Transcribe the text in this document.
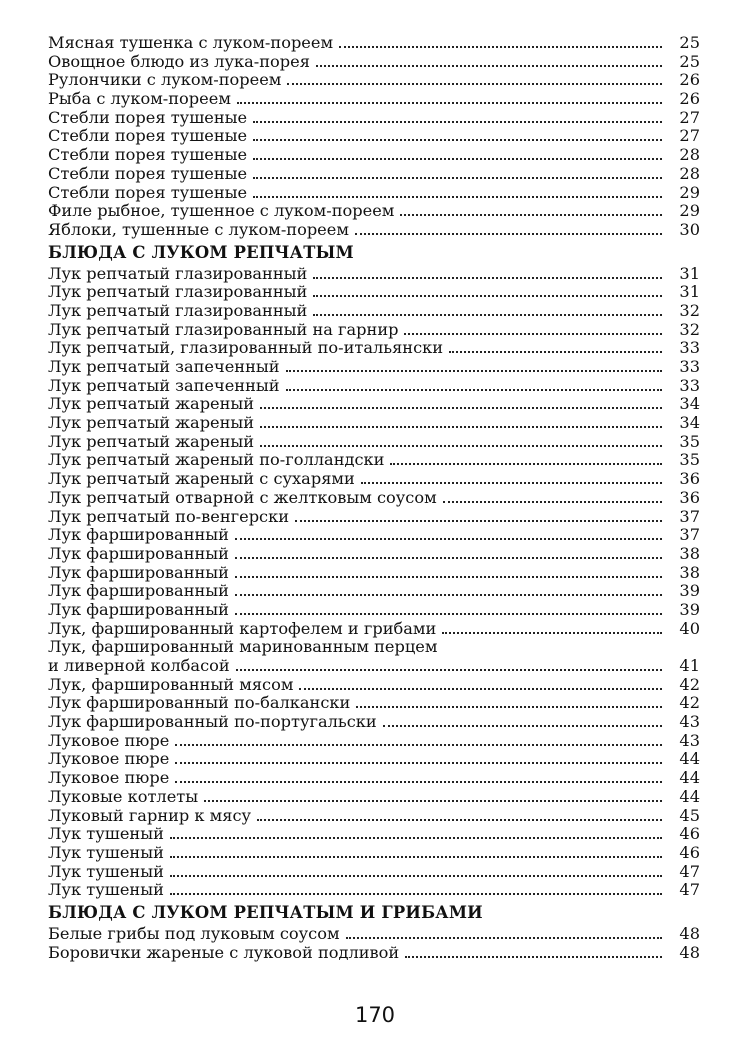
Мясная тушенка с луком-пореем	25
Овощное блюдо из лука-порея	25
Рулончики с луком-пореем	26
Рыба с луком-пореем	26
Стебли порея тушеные	27
Стебли порея тушеные	27
Стебли порея тушеные	28
Стебли порея тушеные	28
Стебли порея тушеные	29
Филе рыбное, тушенное с луком-пореем	29
Яблоки, тушенные с луком-пореем	30
БЛЮДА С ЛУКОМ РЕПЧАТЫМ
Лук репчатый глазированный	31
Лук репчатый глазированный	31
Лук репчатый глазированный	32
Лук репчатый глазированный на гарнир	32
Лук репчатый, глазированный по-итальянски	33
Лук репчатый запеченный	33
Лук репчатый запеченный	33
Лук репчатый жареный	34
Лук репчатый жареный	34
Лук репчатый жареный	35
Лук репчатый жареный по-голландски	35
Лук репчатый жареный с сухарями	36
Лук репчатый отварной с желтковым соусом	36
Лук репчатый по-венгерски	37
Лук фаршированный	37
Лук фаршированный	38
Лук фаршированный	38
Лук фаршированный	39
Лук фаршированный	39
Лук, фаршированный картофелем и грибами	40
Лук, фаршированный маринованным перцем
и ливерной колбасой	41
Лук, фаршированный мясом	42
Лук фаршированный по-балкански	42
Лук фаршированный по-португальски	43
Луковое пюре	43
Луковое пюре	44
Луковое пюре	44
Луковые котлеты	44
Луковый гарнир к мясу	45
Лук тушеный	46
Лук тушеный	46
Лук тушеный	47
Лук тушеный	47
БЛЮДА С ЛУКОМ РЕПЧАТЫМ И ГРИБАМИ
Белые грибы под луковым соусом	48
Боровички жареные с луковой подливой	48
170
